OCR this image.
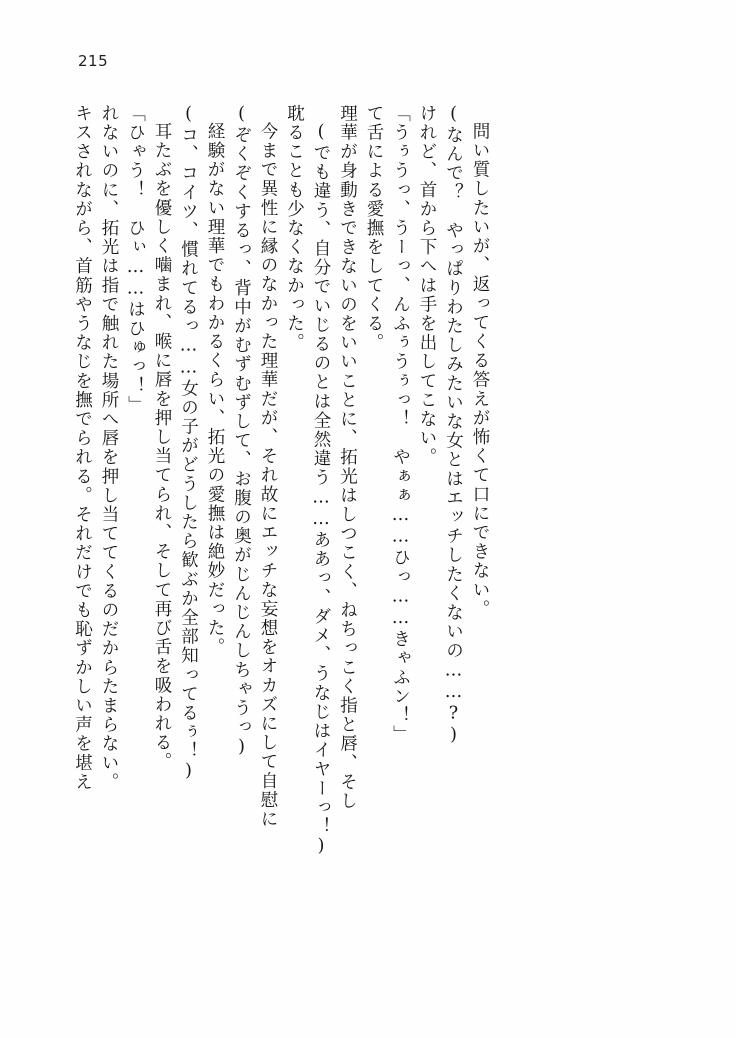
215
キスされながら、首筋やうなじを撫でられる。それだけでも恥ずかしい声を堪え れないのに、拓光は指で触れた場所へ唇を押し当ててくるのだからたまらない。 「ひゃう！　ひぃ……はひゅっ！」 耳たぶを優しく噛まれ、喉に唇を押し当てられ、そして再び舌を吸われる。 (コ、コイツ、慣れてるっ……女の子がどうしたら歓ぶか全部知ってるぅ！) 経験がない理華でもわかるくらい、拓光の愛撫は絶妙だった。 (ぞくぞくするっ、背中がむずむずして、お腹の奥がじんじんしちゃうっ) 今まで異性に縁のなかった理華だが、それ故にエッチな妄想をオカズにして自慰に 耽ることも少なくなかった。 (でも違う、自分でいじるのとは全然違う……ああっ、ダメ、うなじはイヤーっ！) 理華が身動きできないのをいいことに、拓光はしつこく、ねちっこく指と唇、そし て舌による愛撫をしてくる。 「うぅうっ、うーっ、んふぅうぅっ！　やぁぁ……ひっ……きゃふン！」 けれど、首から下へは手を出してこない。 (なんで？　やっぱりわたしみたいな女とはエッチしたくないの……?) 問い質したいが、返ってくる答えが怖くて口にできない。
